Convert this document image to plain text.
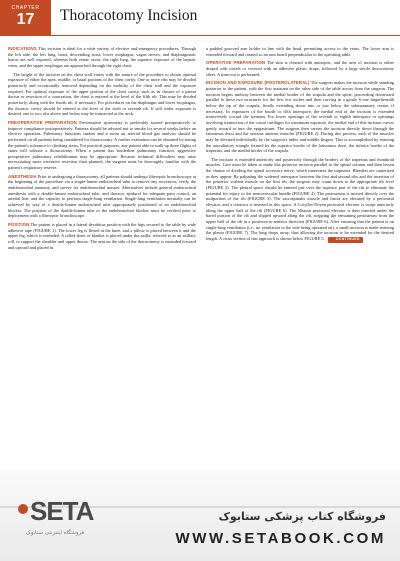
CHAPTER
17	Thoracotomy Incision

INDICATIONS This incision is ideal for a wide variety of elective and emergency procedures. Through the left side, the left lung, heart, descending aorta, lower esophagus, vagus nerves, and diaphragmatic hiatus are well exposed, whereas both venae cavae, the right lung, the superior exposure of the hepatic veins, and the upper esophagus are approached through the right chest.

The height of the incision on the chest wall varies with the nature of the procedure to obtain optimal exposure of either the apex, middle, or basal portions of the chest cavity. One or more ribs may be divided posteriorly and occasionally removed depending on the mobility of the chest wall and the exposure required. For optimal exposure of the upper portion of the chest cavity, such as in closure of a patent ductus or resection of a coarctation, the chest is entered at the level of the fifth rib. This may be divided posteriorly, along with the fourth rib, if necessary. For procedures on the diaphragm and lower esophagus, the thoracic cavity should be entered at the level of the sixth or seventh rib. If still wider exposure is desired, one or two ribs above and below may be transected at the neck.

PREOPERATIVE PREPARATION Preventative spirometry is preferably started preoperatively to improve compliance postoperatively. Patients should be advised not to smoke for several weeks before an elective operation. Pulmonary functions studies and a room air arterial blood gas analysis should be performed on all patients being considered for thoracotomy. A further evaluation can be obtained by noting the patient's tolerance to climbing stairs. For practical purposes, any patient able to walk up three flights of stairs will tolerate a thoracotomy. When a patient has borderline pulmonary function, aggressive preoperative pulmonary rehabilitation may be appropriate. Because technical difficulties may arise necessitating more extensive resection than planned, the surgeon must be thoroughly familiar with the patient's respiratory reserve.

ANESTHESIA Prior to undergoing a thoracotomy, all patients should undergo fiberoptic bronchoscopy at the beginning of the procedure via a single-lumen endotracheal tube to remove any secretions, verify the endobronchial anatomy, and survey for endobronchial masses. Alternatives include general endotracheal anesthesia with a double-lumen endotracheal tube, and thoracic epidural for adequate pain control, an arterial line, and the capacity to perform single-lung ventilation. Single-lung ventilation normally can be achieved by way of a double-lumen endotracheal tube appropriately positioned or an endobronchial blocker. The position of the double-lumen tube or the endobronchial blocker must be verified prior to deployment with a fiberoptic bronchoscope.

POSITION The patient is placed in a lateral decubitus position with the hips secured to the table by wide adhesive tape (FIGURE 1). The lower leg is flexed at the knee, and a pillow is placed between it and the upper leg, which is extended. A rolled sheet or blanket is placed under the axilla, referred to as an axillary roll, to support the shoulder and upper thorax. The arm on the side of the thoracotomy is extended forward and upward and placed in

a padded grooved arm holder in line with the head, permitting access to the veins. The lower arm is extended forward and rotated so an arm board perpendicular to the operating table.

OPERATIVE PREPARATION The skin is cleaned with antiseptic, and the area of incision is either draped with towels or covered with an adhesive plastic drape, followed by a large sterile thoracotomy sheet. A time-out is performed.

INCISION AND EXPOSURE (POSTEROLATERAL) The surgeon makes the incision while standing posterior to the patient, with the first assistant on the other side of the table across from the surgeon. The incision begins midway between the medial border of the scapula and the spine, proceeding downward parallel to these two structures for the first few inches and then curving in a gentle S-one fingerbreadth below the tip of the scapula, finally extending down into or just below the submammary crease, if necessary. In exposures of the fourth or fifth interspace, the medial end of the incision is extended transversely toward the sternum. For lower openings of the seventh or eighth interspace or openings involving transection of the costal cartilages for maximum exposure, the medial end of this incision curves gently toward or into the epigastrium. The surgeon then carries the incision directly down through the latissimus dorsi and the serratus anterior muscles (FIGURE 2). During this process, each of the muscles may be elevated individually by the surgeon's index and middle fingers. This is accomplished by entering the auscultatory triangle formed by the superior border of the latissimus dorsi, the inferior border of the trapezius, and the medial border of the scapula.

The incision is extended anteriorly and posteriorly through the borders of the trapezius and rhomboid muscles. Care must be taken to make this posterior incision parallel to the spinal column and then lessen the chance of dividing the spinal accessory nerve, which innervates the trapezius. Bleeders are cauterized as they appear. By palpating the widened interspace between the first and second ribs and the insertion of the posterior scalene muscle on the first rib, the surgeon may count down to the appropriate rib level (FIGURE 3). The pleural space should be entered just over the superior part of the rib to eliminate the potential for injury to the neurovascular bundle (FIGURE 4). The periosteum is incised directly over the midportion of the rib (FIGURE 5). The sacrospinalis muscle and fascia are elevated by a periosteal elevator, and a retractor is inserted in this space. A Coryllos-Doyen periosteal elevator is swept anteriorly along the upper half of the rib (FIGURE 6). The Matson periosteal elevator is then inserted under the bared portion of the rib and slipped upward along the rib, stripping the remaining periosteum from the upper half of the rib in a posterior-to-anterior direction (FIGURE 6). After ensuring that the patient is on single-lung ventilation (i.e., no ventilation to the side being operated on), a small incision is made entering the pleura (FIGURE 7). The lung drops away, thus allowing the incision to be extended for the desired length. A cross section of this approach is shown below FIGURE 5.	CONTINUED

SETA
فروشگاه اینترنتی ستابوک
فروشگاه کتاب پزشکی ستابوک
WWW.SETABOOK.COM
